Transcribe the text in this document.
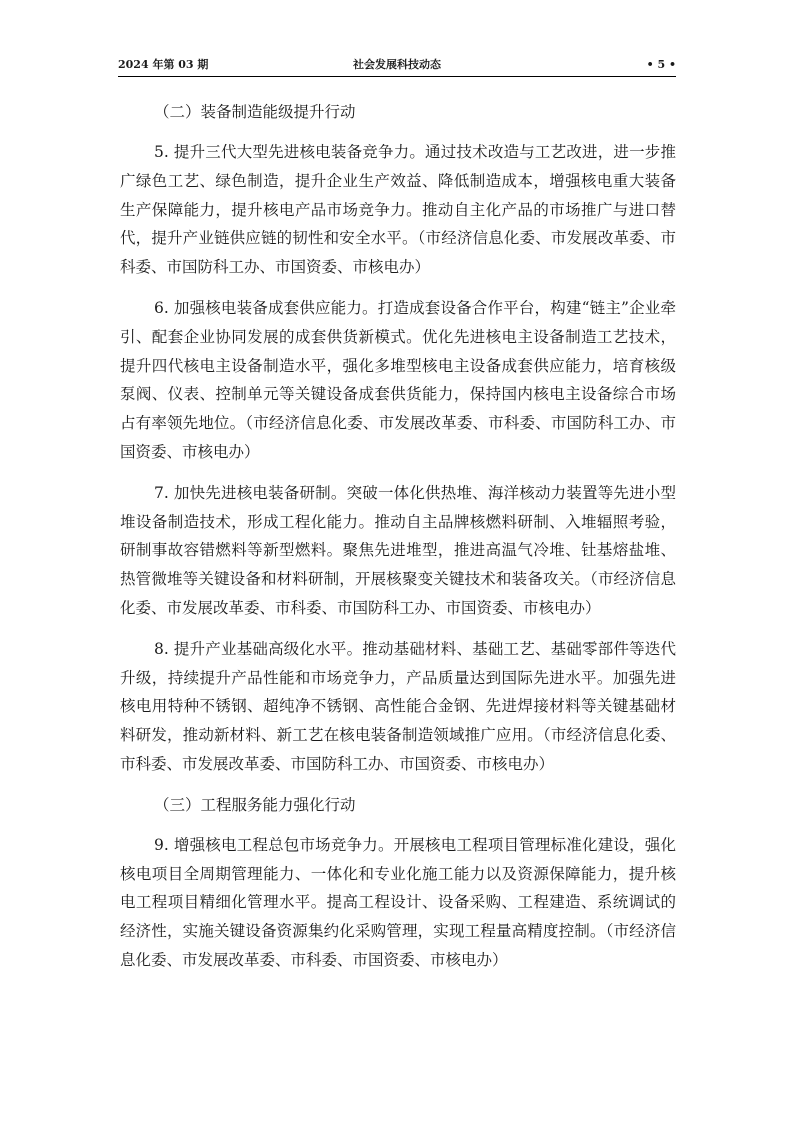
2024 年第 03 期	社会发展科技动态	• 5 •

（二）装备制造能级提升行动

5. 提升三代大型先进核电装备竞争力。通过技术改造与工艺改进，进一步推广绿色工艺、绿色制造，提升企业生产效益、降低制造成本，增强核电重大装备生产保障能力，提升核电产品市场竞争力。推动自主化产品的市场推广与进口替代，提升产业链供应链的韧性和安全水平。（市经济信息化委、市发展改革委、市科委、市国防科工办、市国资委、市核电办）

6. 加强核电装备成套供应能力。打造成套设备合作平台，构建“链主”企业牵引、配套企业协同发展的成套供货新模式。优化先进核电主设备制造工艺技术，提升四代核电主设备制造水平，强化多堆型核电主设备成套供应能力，培育核级泵阀、仪表、控制单元等关键设备成套供货能力，保持国内核电主设备综合市场占有率领先地位。（市经济信息化委、市发展改革委、市科委、市国防科工办、市国资委、市核电办）

7. 加快先进核电装备研制。突破一体化供热堆、海洋核动力装置等先进小型堆设备制造技术，形成工程化能力。推动自主品牌核燃料研制、入堆辐照考验，研制事故容错燃料等新型燃料。聚焦先进堆型，推进高温气冷堆、钍基熔盐堆、热管微堆等关键设备和材料研制，开展核聚变关键技术和装备攻关。（市经济信息化委、市发展改革委、市科委、市国防科工办、市国资委、市核电办）

8. 提升产业基础高级化水平。推动基础材料、基础工艺、基础零部件等迭代升级，持续提升产品性能和市场竞争力，产品质量达到国际先进水平。加强先进核电用特种不锈钢、超纯净不锈钢、高性能合金钢、先进焊接材料等关键基础材料研发，推动新材料、新工艺在核电装备制造领域推广应用。（市经济信息化委、市科委、市发展改革委、市国防科工办、市国资委、市核电办）

（三）工程服务能力强化行动

9. 增强核电工程总包市场竞争力。开展核电工程项目管理标准化建设，强化核电项目全周期管理能力、一体化和专业化施工能力以及资源保障能力，提升核电工程项目精细化管理水平。提高工程设计、设备采购、工程建造、系统调试的经济性，实施关键设备资源集约化采购管理，实现工程量高精度控制。（市经济信息化委、市发展改革委、市科委、市国资委、市核电办）
